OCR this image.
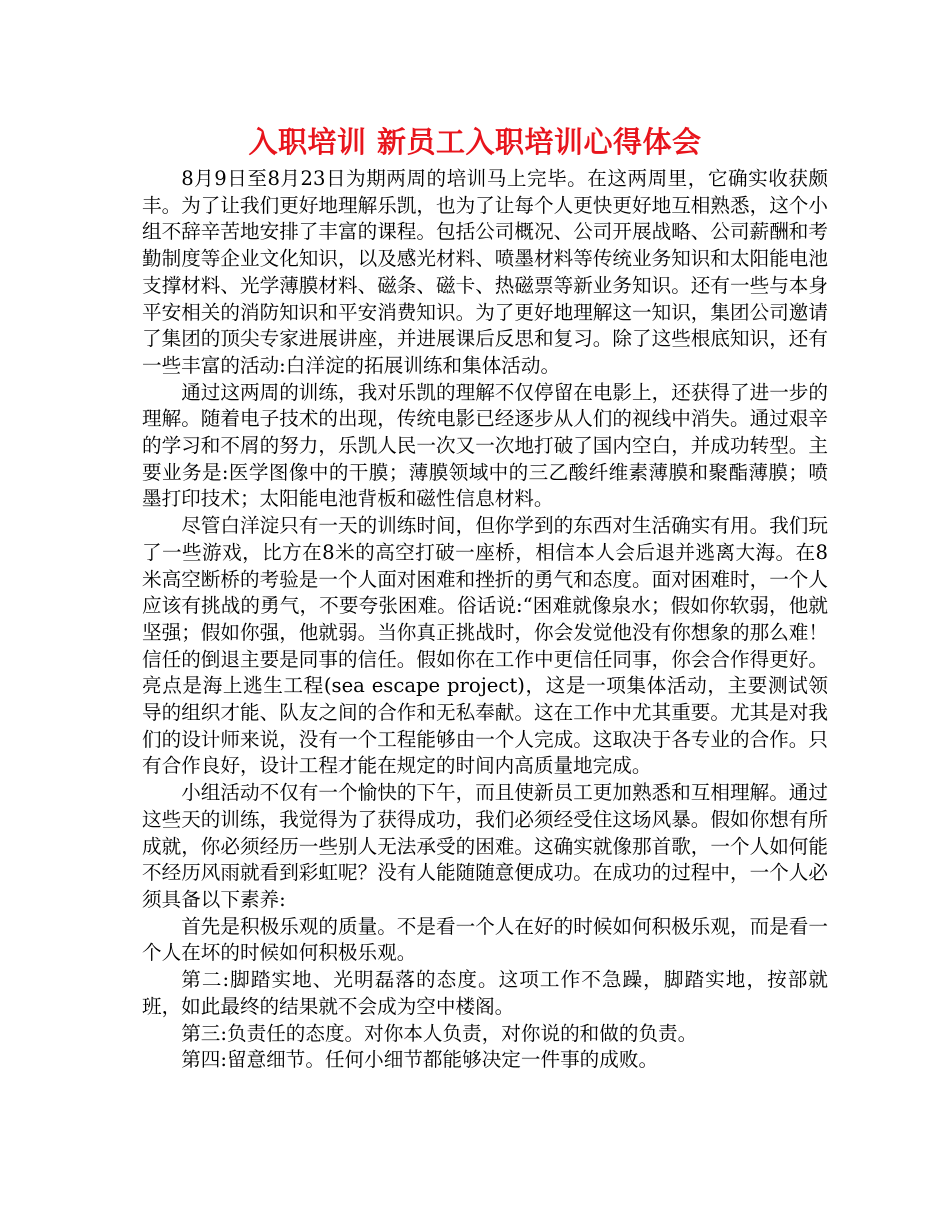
入职培训 新员工入职培训心得体会

8月9日至8月23日为期两周的培训马上完毕。在这两周里，它确实收获颇丰。为了让我们更好地理解乐凯，也为了让每个人更快更好地互相熟悉，这个小组不辞辛苦地安排了丰富的课程。包括公司概况、公司开展战略、公司薪酬和考勤制度等企业文化知识，以及感光材料、喷墨材料等传统业务知识和太阳能电池支撑材料、光学薄膜材料、磁条、磁卡、热磁票等新业务知识。还有一些与本身平安相关的消防知识和平安消费知识。为了更好地理解这一知识，集团公司邀请了集团的顶尖专家进展讲座，并进展课后反思和复习。除了这些根底知识，还有一些丰富的活动:白洋淀的拓展训练和集体活动。

通过这两周的训练，我对乐凯的理解不仅停留在电影上，还获得了进一步的理解。随着电子技术的出现，传统电影已经逐步从人们的视线中消失。通过艰辛的学习和不屑的努力，乐凯人民一次又一次地打破了国内空白，并成功转型。主要业务是:医学图像中的干膜；薄膜领域中的三乙酸纤维素薄膜和聚酯薄膜；喷墨打印技术；太阳能电池背板和磁性信息材料。

尽管白洋淀只有一天的训练时间，但你学到的东西对生活确实有用。我们玩了一些游戏，比方在8米的高空打破一座桥，相信本人会后退并逃离大海。在8米高空断桥的考验是一个人面对困难和挫折的勇气和态度。面对困难时，一个人应该有挑战的勇气，不要夸张困难。俗话说:“困难就像泉水；假如你软弱，他就坚强；假如你强，他就弱。当你真正挑战时，你会发觉他没有你想象的那么难！信任的倒退主要是同事的信任。假如你在工作中更信任同事，你会合作得更好。亮点是海上逃生工程(sea escape project)，这是一项集体活动，主要测试领导的组织才能、队友之间的合作和无私奉献。这在工作中尤其重要。尤其是对我们的设计师来说，没有一个工程能够由一个人完成。这取决于各专业的合作。只有合作良好，设计工程才能在规定的时间内高质量地完成。

小组活动不仅有一个愉快的下午，而且使新员工更加熟悉和互相理解。通过这些天的训练，我觉得为了获得成功，我们必须经受住这场风暴。假如你想有所成就，你必须经历一些别人无法承受的困难。这确实就像那首歌，一个人如何能不经历风雨就看到彩虹呢？没有人能随随意便成功。在成功的过程中，一个人必须具备以下素养:

首先是积极乐观的质量。不是看一个人在好的时候如何积极乐观，而是看一个人在坏的时候如何积极乐观。

第二:脚踏实地、光明磊落的态度。这项工作不急躁，脚踏实地，按部就班，如此最终的结果就不会成为空中楼阁。

第三:负责任的态度。对你本人负责，对你说的和做的负责。

第四:留意细节。任何小细节都能够决定一件事的成败。
